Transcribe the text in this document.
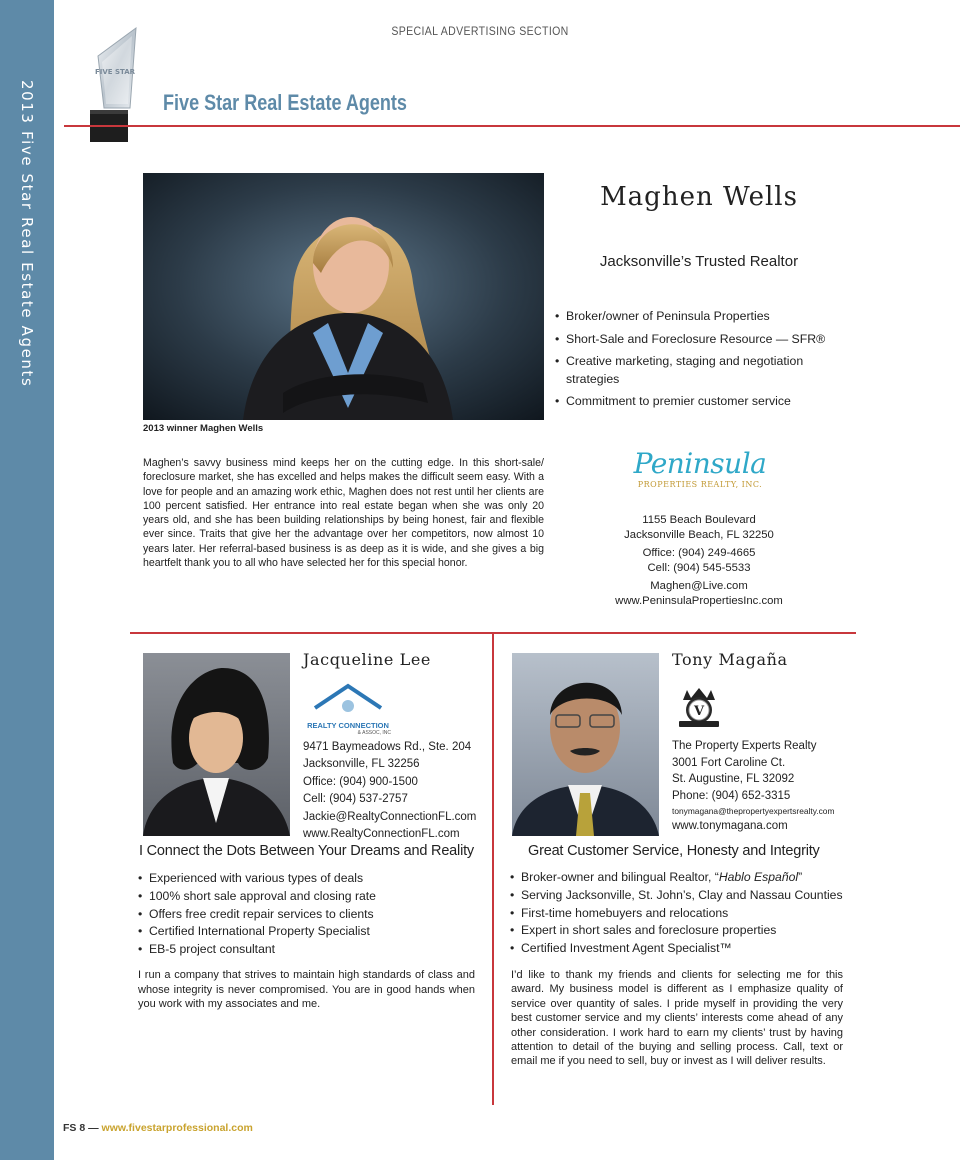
2013 Five Star Real Estate Agents
SPECIAL ADVERTISING SECTION
FIVE STAR
Five Star Real Estate Agents
2013 winner Maghen Wells
Maghen’s savvy business mind keeps her on the cutting edge. In this short-sale/ foreclosure market, she has excelled and helps makes the difficult seem easy. With a love for people and an amazing work ethic, Maghen does not rest until her clients are 100 percent satisfied. Her entrance into real estate began when she was only 20 years old, and she has been building relationships by being honest, fair and flexible ever since. Traits that give her the advantage over her competitors, now almost 10 years later. Her referral-based business is as deep as it is wide, and she gives a big heartfelt thank you to all who have selected her for this special honor.
Maghen Wells
Jacksonville’s Trusted Realtor
• Broker/owner of Peninsula Properties
• Short-Sale and Foreclosure Resource — SFR®
• Creative marketing, staging and negotiation strategies
• Commitment to premier customer service
Peninsula
PROPERTIES REALTY, INC.
1155 Beach Boulevard
Jacksonville Beach, FL 32250
Office: (904) 249-4665
Cell: (904) 545-5533
Maghen@Live.com
www.PeninsulaPropertiesInc.com
Jacqueline Lee
REALTY CONNECTION
& ASSOC, INC
9471 Baymeadows Rd., Ste. 204
Jacksonville, FL 32256
Office: (904) 900-1500
Cell: (904) 537-2757
Jackie@RealtyConnectionFL.com
www.RealtyConnectionFL.com
I Connect the Dots Between Your Dreams and Reality
• Experienced with various types of deals
• 100% short sale approval and closing rate
• Offers free credit repair services to clients
• Certified International Property Specialist
• EB-5 project consultant
I run a company that strives to maintain high standards of class and whose integrity is never compromised. You are in good hands when you work with my associates and me.
Tony Magaña
V
The Property Experts Realty
3001 Fort Caroline Ct.
St. Augustine, FL 32092
Phone: (904) 652-3315
tonymagana@thepropertyexpertsrealty.com
www.tonymagana.com
Great Customer Service, Honesty and Integrity
• Broker-owner and bilingual Realtor, “Hablo Español”
• Serving Jacksonville, St. John’s, Clay and Nassau Counties
• First-time homebuyers and relocations
• Expert in short sales and foreclosure properties
• Certified Investment Agent Specialist™
I’d like to thank my friends and clients for selecting me for this award. My business model is different as I emphasize quality of service over quantity of sales. I pride myself in providing the very best customer service and my clients’ interests come ahead of any other consideration. I work hard to earn my clients’ trust by having attention to detail of the buying and selling process. Call, text or email me if you need to sell, buy or invest as I will deliver results.
FS 8 — www.fivestarprofessional.com
